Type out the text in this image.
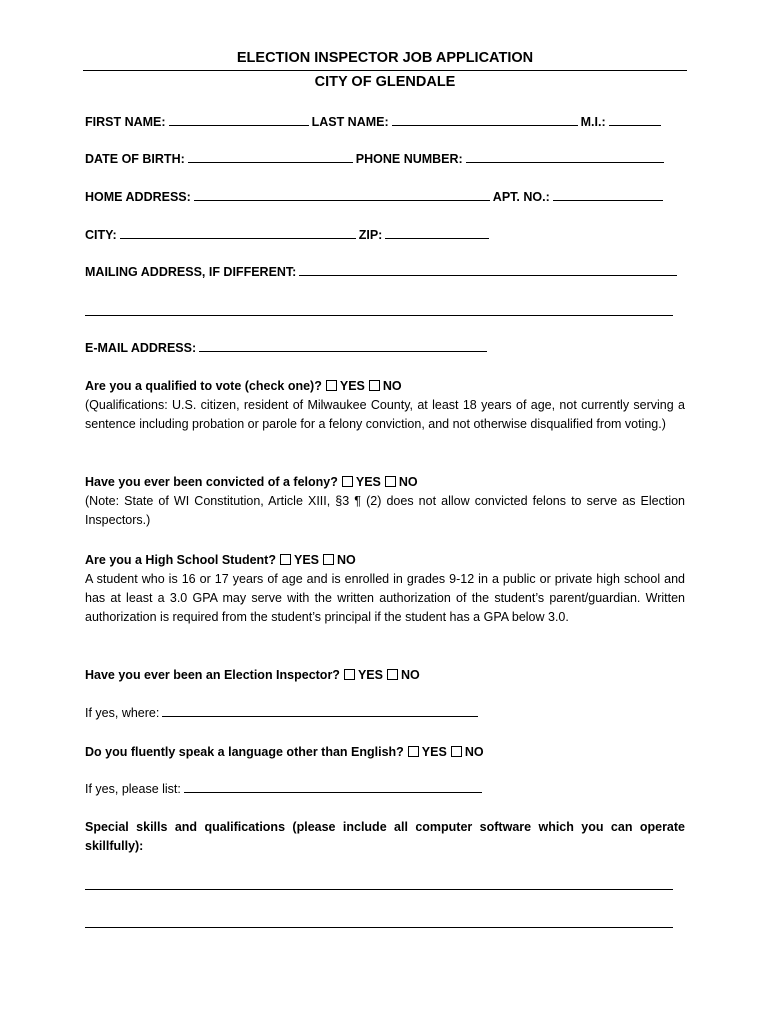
ELECTION INSPECTOR JOB APPLICATION
CITY OF GLENDALE
FIRST NAME:	LAST NAME:	M.I.:
DATE OF BIRTH:	PHONE NUMBER:
HOME ADDRESS:	APT. NO.:
CITY:	ZIP:
MAILING ADDRESS, IF DIFFERENT:
E-MAIL ADDRESS:
Are you a qualified to vote (check one)? YES NO
(Qualifications: U.S. citizen, resident of Milwaukee County, at least 18 years of age, not currently serving a sentence including probation or parole for a felony conviction, and not otherwise disqualified from voting.)
Have you ever been convicted of a felony? YES NO
(Note: State of WI Constitution, Article XIII, §3 ¶ (2) does not allow convicted felons to serve as Election Inspectors.)
Are you a High School Student? YES NO
A student who is 16 or 17 years of age and is enrolled in grades 9-12 in a public or private high school and has at least a 3.0 GPA may serve with the written authorization of the student’s parent/guardian. Written authorization is required from the student’s principal if the student has a GPA below 3.0.
Have you ever been an Election Inspector? YES NO
If yes, where:
Do you fluently speak a language other than English? YES NO
If yes, please list:
Special skills and qualifications (please include all computer software which you can operate skillfully):
